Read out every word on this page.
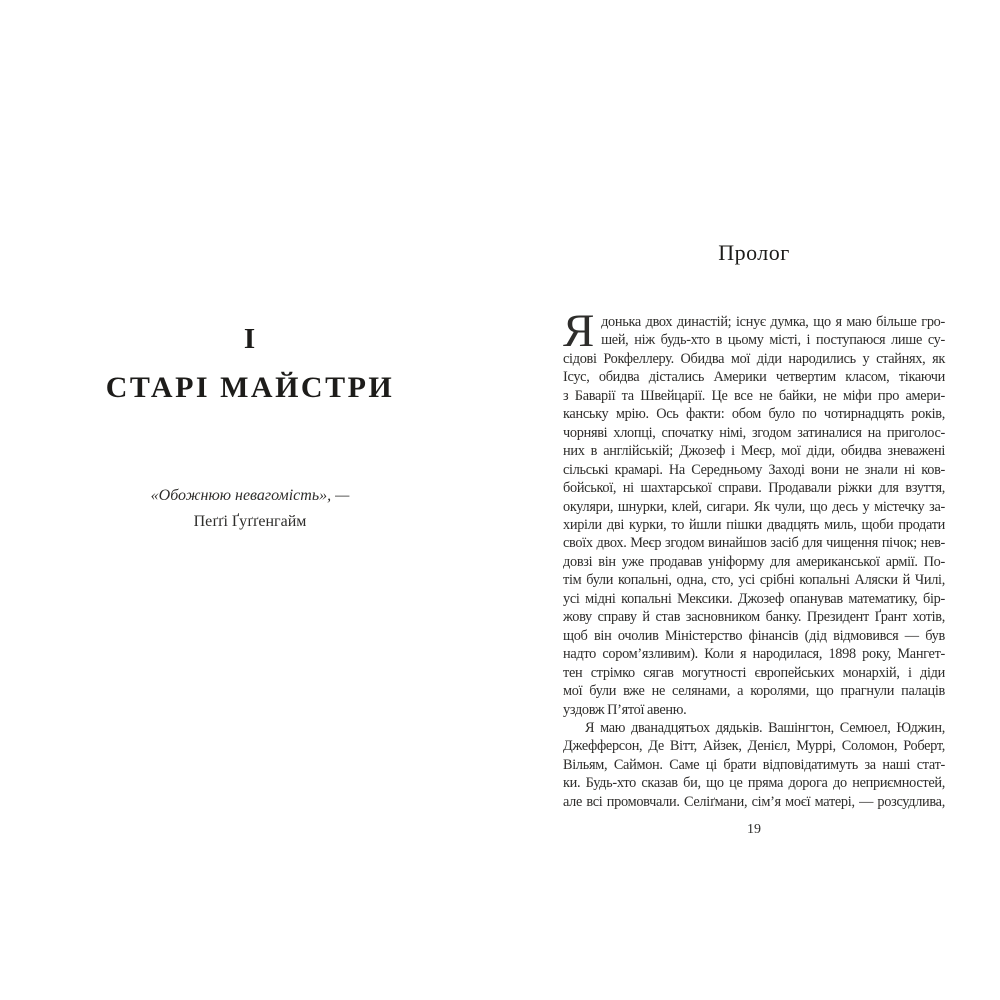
I
СТАРІ МАЙСТРИ
«Обожнюю невагомість», —
Пеґґі Ґуґґенгайм
Пролог
Я донька двох династій; існує думка, що я маю більше гро-
шей, ніж будь-хто в цьому місті, і поступаюся лише су-
сідові Рокфеллеру. Обидва мої діди народились у стайнях, як
Ісус, обидва дістались Америки четвертим класом, тікаючи
з Баварії та Швейцарії. Це все не байки, не міфи про амери-
канську мрію. Ось факти: обом було по чотирнадцять років,
чорняві хлопці, спочатку німі, згодом затиналися на приголос-
них в англійській; Джозеф і Меєр, мої діди, обидва зневажені
сільські крамарі. На Середньому Заході вони не знали ні ков-
бойської, ні шахтарської справи. Продавали ріжки для взуття,
окуляри, шнурки, клей, сигари. Як чули, що десь у містечку за-
хиріли дві курки, то йшли пішки двадцять миль, щоби продати
своїх двох. Меєр згодом винайшов засіб для чищення пічок; нев-
довзі він уже продавав уніформу для американської армії. По-
тім були копальні, одна, сто, усі срібні копальні Аляски й Чилі,
усі мідні копальні Мексики. Джозеф опанував математику, бір-
жову справу й став засновником банку. Президент Ґрант хотів,
щоб він очолив Міністерство фінансів (дід відмовився — був
надто сором’язливим). Коли я народилася, 1898 року, Мангет-
тен стрімко сягав могутності європейських монархій, і діди
мої були вже не селянами, а королями, що прагнули палаців
уздовж П’ятої авеню.
Я маю дванадцятьох дядьків. Вашінгтон, Семюел, Юджин,
Джефферсон, Де Вітт, Айзек, Денієл, Муррі, Соломон, Роберт,
Вільям, Саймон. Саме ці брати відповідатимуть за наші стат-
ки. Будь-хто сказав би, що це пряма дорога до неприємностей,
але всі промовчали. Селіґмани, сім’я моєї матері, — розсудлива,
19
